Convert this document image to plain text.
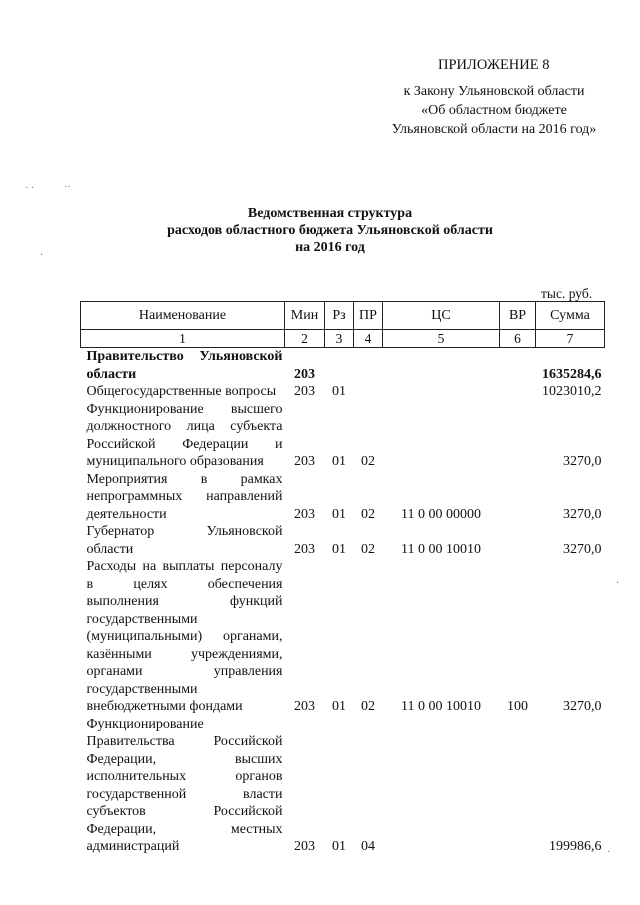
ПРИЛОЖЕНИЕ 8
к Закону Ульяновской области
«Об областном бюджете
Ульяновской области на 2016 год»
Ведомственная структура
расходов областного бюджета Ульяновской области
на 2016 год
тыс. руб.
· ·	··
·
·
·
Наименование	Мин	Рз	ПР	ЦС	ВР	Сумма
1	2	3	4	5	6	7
Правительство Ульяновской области	203					1635284,6
Общегосударственные вопросы	203	01				1023010,2
Функционирование высшего должностного лица субъекта Российской Федерации и муниципального образования	203	01	02			3270,0
Мероприятия в рамках непрограммных направлений деятельности	203	01	02	11 0 00 00000		3270,0
Губернатор Ульяновской области	203	01	02	11 0 00 10010		3270,0
Расходы на выплаты персоналу в целях обеспечения выполнения функций государственными (муниципальными) органами, казёнными учреждениями, органами управления государственными внебюджетными фондами	203	01	02	11 0 00 10010	100	3270,0
Функционирование Правительства Российской Федерации, высших исполнительных органов государственной власти субъектов Российской Федерации, местных администраций	203	01	04			199986,6
